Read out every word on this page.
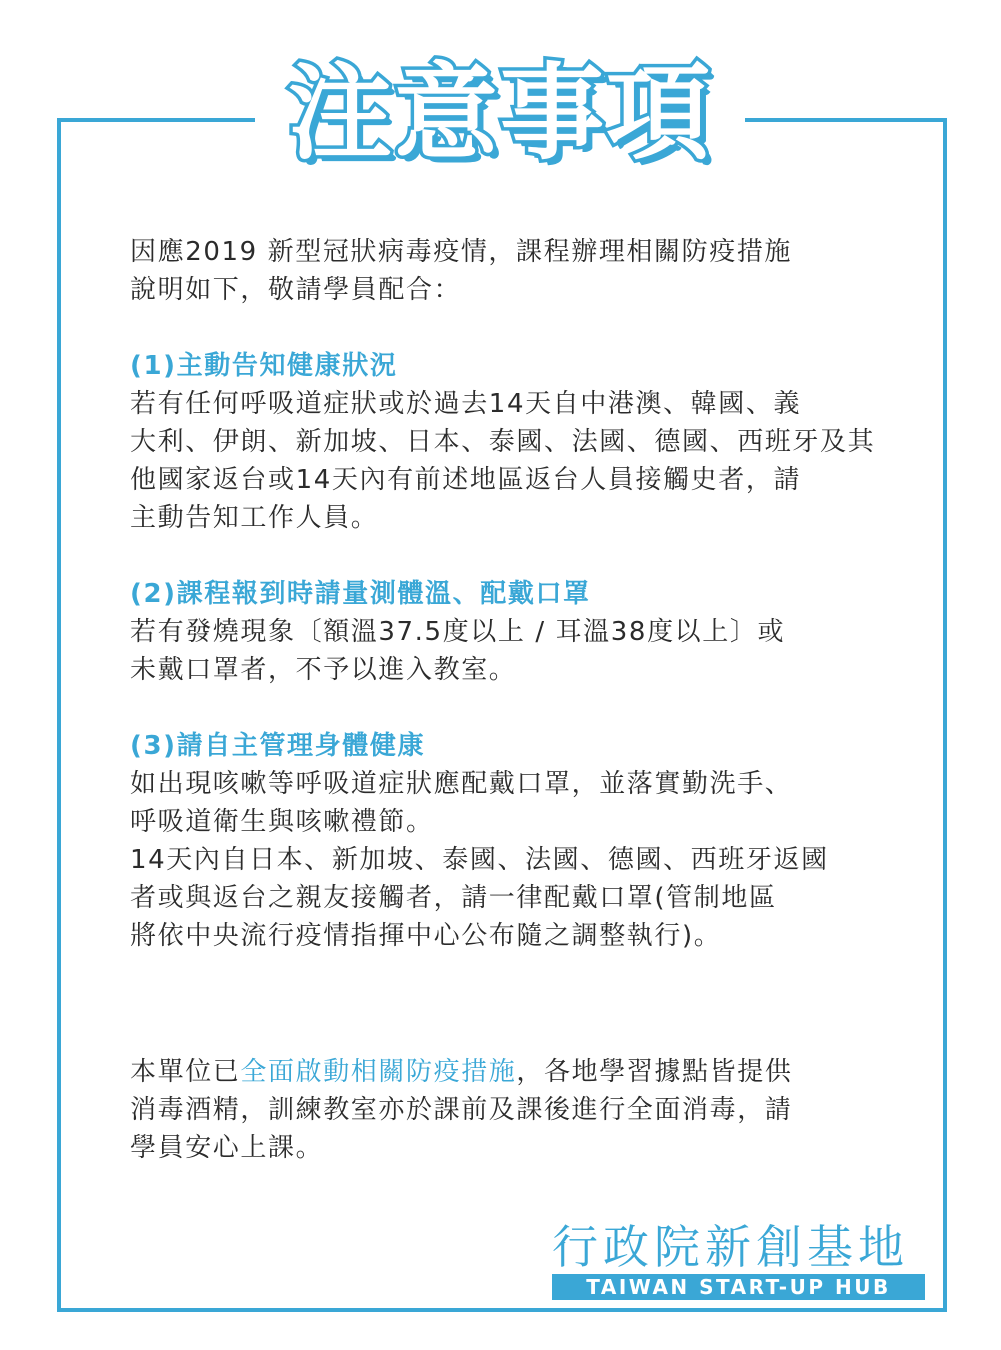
注意事項

因應2019 新型冠狀病毒疫情，課程辦理相關防疫措施

說明如下，敬請學員配合：

(1)主動告知健康狀況

若有任何呼吸道症狀或於過去14天自中港澳、韓國、義

大利、伊朗、新加坡、日本、泰國、法國、德國、西班牙及其

他國家返台或14天內有前述地區返台人員接觸史者，請

主動告知工作人員。

(2)課程報到時請量測體溫、配戴口罩

若有發燒現象〔額溫37.5度以上 / 耳溫38度以上〕或

未戴口罩者，不予以進入教室。

(3)請自主管理身體健康

如出現咳嗽等呼吸道症狀應配戴口罩，並落實勤洗手、

呼吸道衛生與咳嗽禮節。

14天內自日本、新加坡、泰國、法國、德國、西班牙返國

者或與返台之親友接觸者，請一律配戴口罩(管制地區

將依中央流行疫情指揮中心公布隨之調整執行)。

本單位已全面啟動相關防疫措施，各地學習據點皆提供

消毒酒精，訓練教室亦於課前及課後進行全面消毒，請

學員安心上課。

行政院新創基地
TAIWAN START-UP HUB
